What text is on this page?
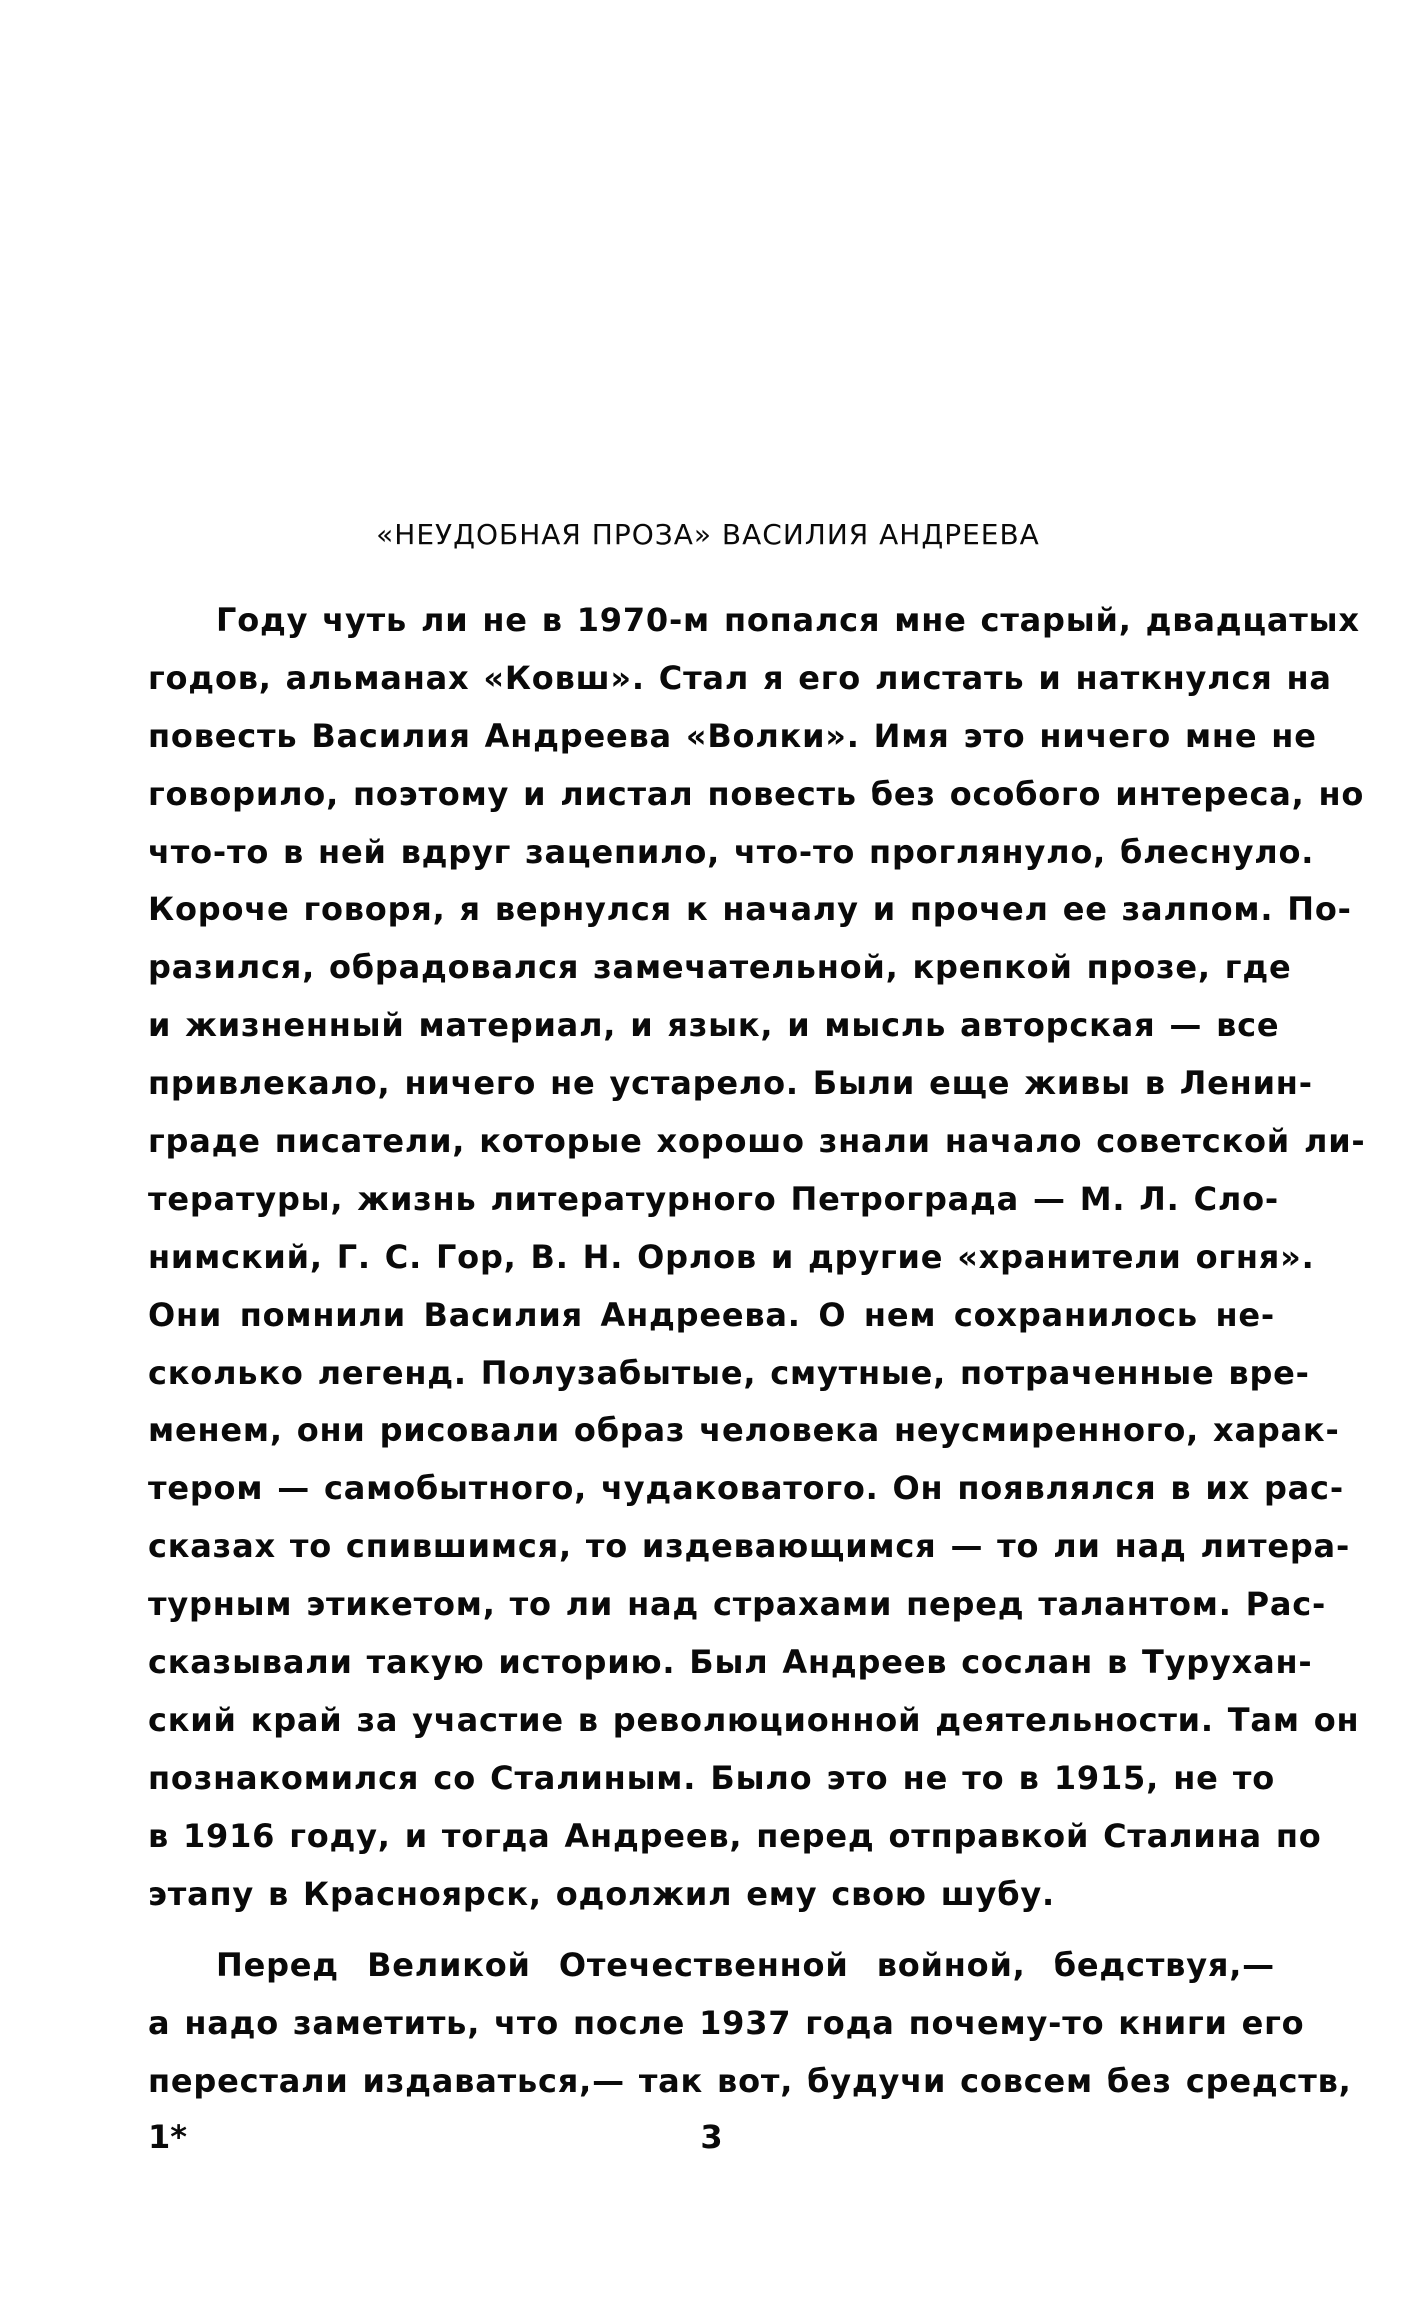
«НЕУДОБНАЯ ПРОЗА» ВАСИЛИЯ АНДРЕЕВА
Году чуть ли не в 1970-м попался мне старый, двадцатых
годов, альманах «Ковш». Стал я его листать и наткнулся на
повесть Василия Андреева «Волки». Имя это ничего мне не
говорило, поэтому и листал повесть без особого интереса, но
что-то в ней вдруг зацепило, что-то проглянуло, блеснуло.
Короче говоря, я вернулся к началу и прочел ее залпом. По-
разился, обрадовался замечательной, крепкой прозе, где
и жизненный материал, и язык, и мысль авторская — все
привлекало, ничего не устарело. Были еще живы в Ленин-
граде писатели, которые хорошо знали начало советской ли-
тературы, жизнь литературного Петрограда — М. Л. Сло-
нимский, Г. С. Гор, В. Н. Орлов и другие «хранители огня».
Они помнили Василия Андреева. О нем сохранилось не-
сколько легенд. Полузабытые, смутные, потраченные вре-
менем, они рисовали образ человека неусмиренного, харак-
тером — самобытного, чудаковатого. Он появлялся в их рас-
сказах то спившимся, то издевающимся — то ли над литера-
турным этикетом, то ли над страхами перед талантом. Рас-
сказывали такую историю. Был Андреев сослан в Турухан-
ский край за участие в революционной деятельности. Там он
познакомился со Сталиным. Было это не то в 1915, не то
в 1916 году, и тогда Андреев, перед отправкой Сталина по
этапу в Красноярск, одолжил ему свою шубу.
Перед Великой Отечественной войной, бедствуя,—
а надо заметить, что после 1937 года почему-то книги его
перестали издаваться,— так вот, будучи совсем без средств,
1*	3
